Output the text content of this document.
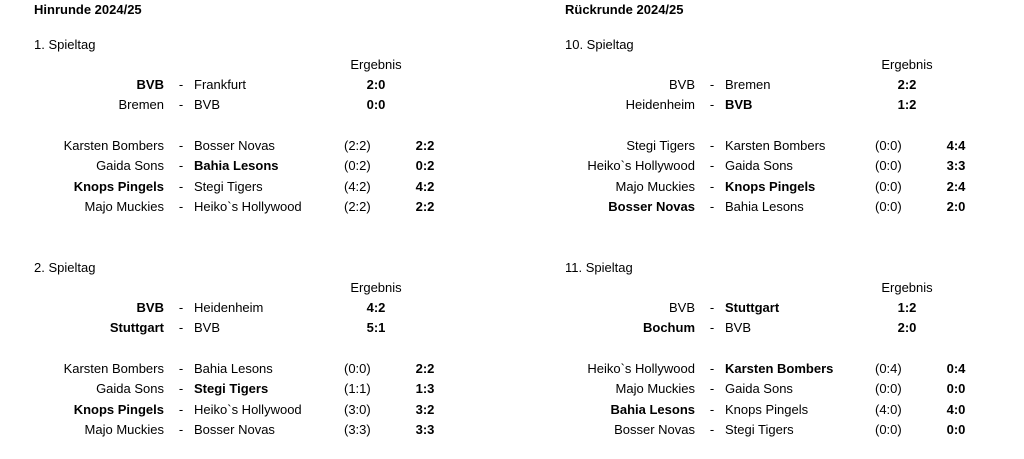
Hinrunde 2024/25
1. Spieltag
Ergebnis
BVB - Frankfurt	2:0
Bremen - BVB	0:0
Karsten Bombers - Bosser Novas	(2:2)	2:2
Gaida Sons - Bahia Lesons	(0:2)	0:2
Knops Pingels - Stegi Tigers	(4:2)	4:2
Majo Muckies - Heiko`s Hollywood	(2:2)	2:2
2. Spieltag
Ergebnis
BVB - Heidenheim	4:2
Stuttgart - BVB	5:1
Karsten Bombers - Bahia Lesons	(0:0)	2:2
Gaida Sons - Stegi Tigers	(1:1)	1:3
Knops Pingels - Heiko`s Hollywood	(3:0)	3:2
Majo Muckies - Bosser Novas	(3:3)	3:3
Rückrunde 2024/25
10. Spieltag
Ergebnis
BVB - Bremen	2:2
Heidenheim - BVB	1:2
Stegi Tigers - Karsten Bombers	(0:0)	4:4
Heiko`s Hollywood - Gaida Sons	(0:0)	3:3
Majo Muckies - Knops Pingels	(0:0)	2:4
Bosser Novas - Bahia Lesons	(0:0)	2:0
11. Spieltag
Ergebnis
BVB - Stuttgart	1:2
Bochum - BVB	2:0
Heiko`s Hollywood - Karsten Bombers	(0:4)	0:4
Majo Muckies - Gaida Sons	(0:0)	0:0
Bahia Lesons - Knops Pingels	(4:0)	4:0
Bosser Novas - Stegi Tigers	(0:0)	0:0
